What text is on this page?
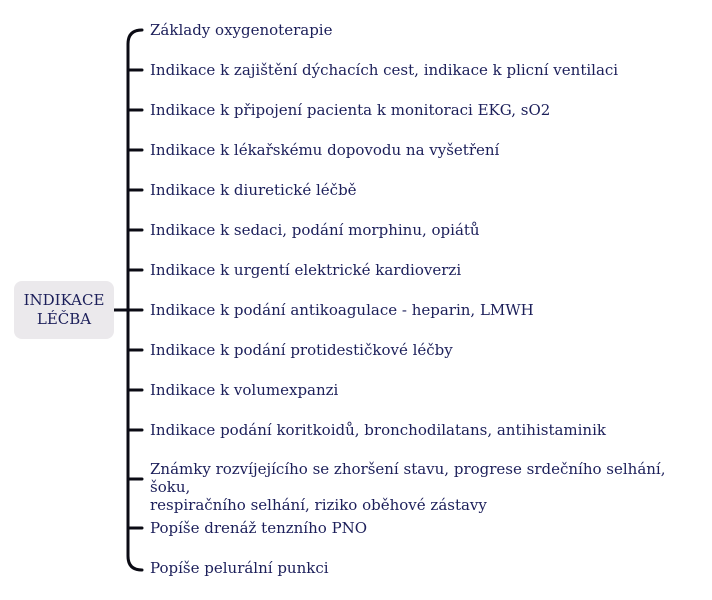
INDIKACE
LÉČBA
Základy oxygenoterapie
Indikace k zajištění dýchacích cest, indikace k plicní ventilaci
Indikace k připojení pacienta k monitoraci EKG, sO2
Indikace k lékařskému dopovodu na vyšetření
Indikace k diuretické léčbě
Indikace k sedaci, podání morphinu, opiátů
Indikace k urgentí elektrické kardioverzi
Indikace k podání antikoagulace - heparin, LMWH
Indikace k podání protidestičkové léčby
Indikace k volumexpanzi
Indikace podání koritkoidů, bronchodilatans, antihistaminik
Známky rozvíjejícího se zhoršení stavu, progrese srdečního selhání, šoku,
respiračního selhání, riziko oběhové zástavy
Popíše drenáž tenzního PNO
Popíše pelurální punkci
